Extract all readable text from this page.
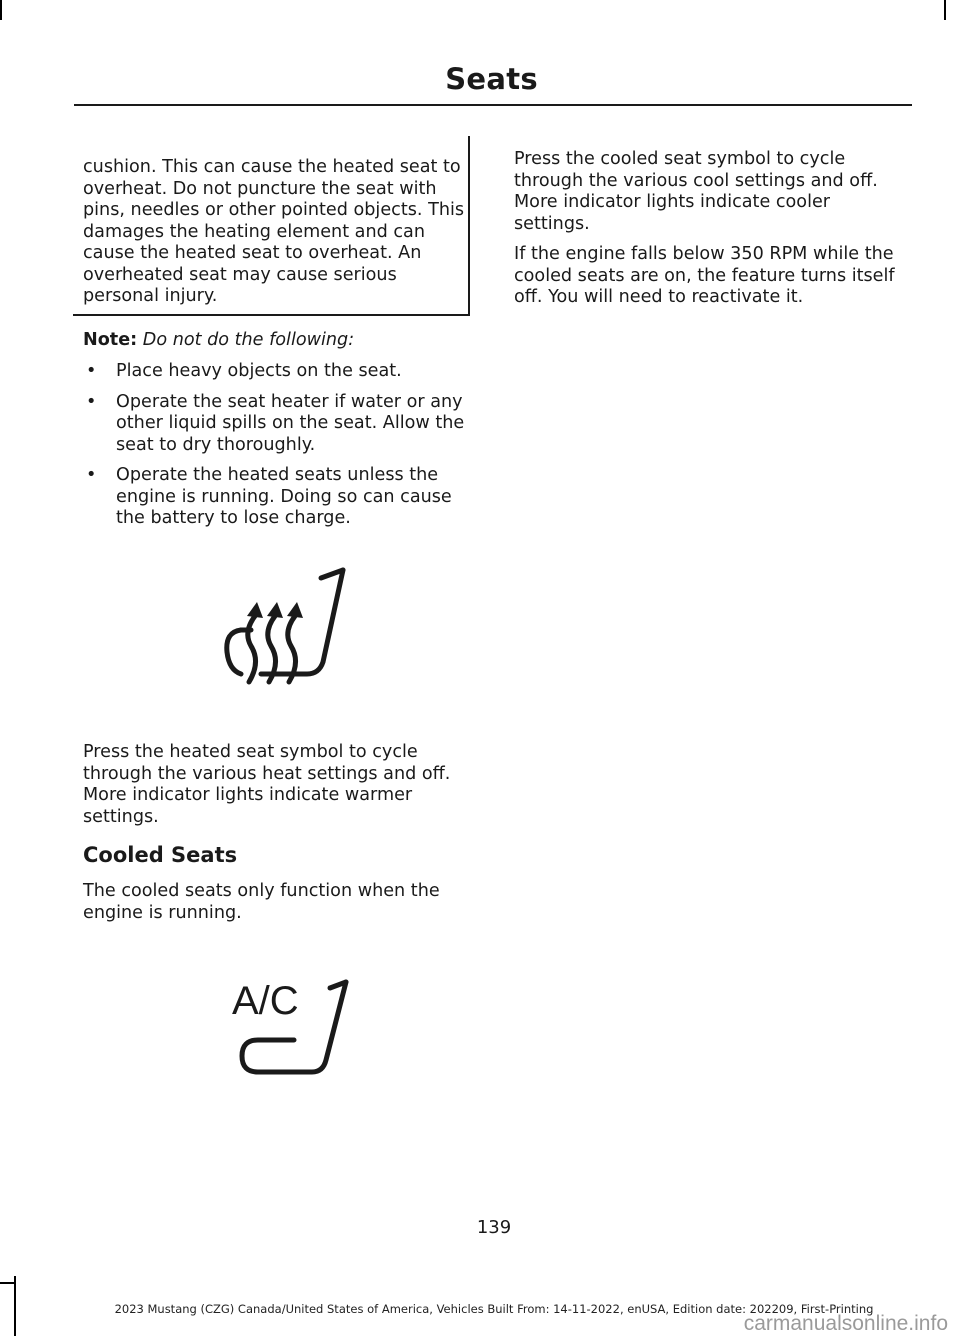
Seats
cushion. This can cause the heated seat to overheat. Do not puncture the seat with pins, needles or other pointed objects. This damages the heating element and can cause the heated seat to overheat. An overheated seat may cause serious personal injury.
Note: Do not do the following:
• Place heavy objects on the seat.
• Operate the seat heater if water or any other liquid spills on the seat. Allow the seat to dry thoroughly.
• Operate the heated seats unless the engine is running. Doing so can cause the battery to lose charge.

Press the heated seat symbol to cycle through the various heat settings and off. More indicator lights indicate warmer settings.

Cooled Seats

The cooled seats only function when the engine is running.

A/C

Press the cooled seat symbol to cycle through the various cool settings and off. More indicator lights indicate cooler settings.

If the engine falls below 350 RPM while the cooled seats are on, the feature turns itself off. You will need to reactivate it.

139
2023 Mustang (CZG) Canada/United States of America, Vehicles Built From: 14-11-2022, enUSA, Edition date: 202209, First-Printing
carmanualsonline.info
